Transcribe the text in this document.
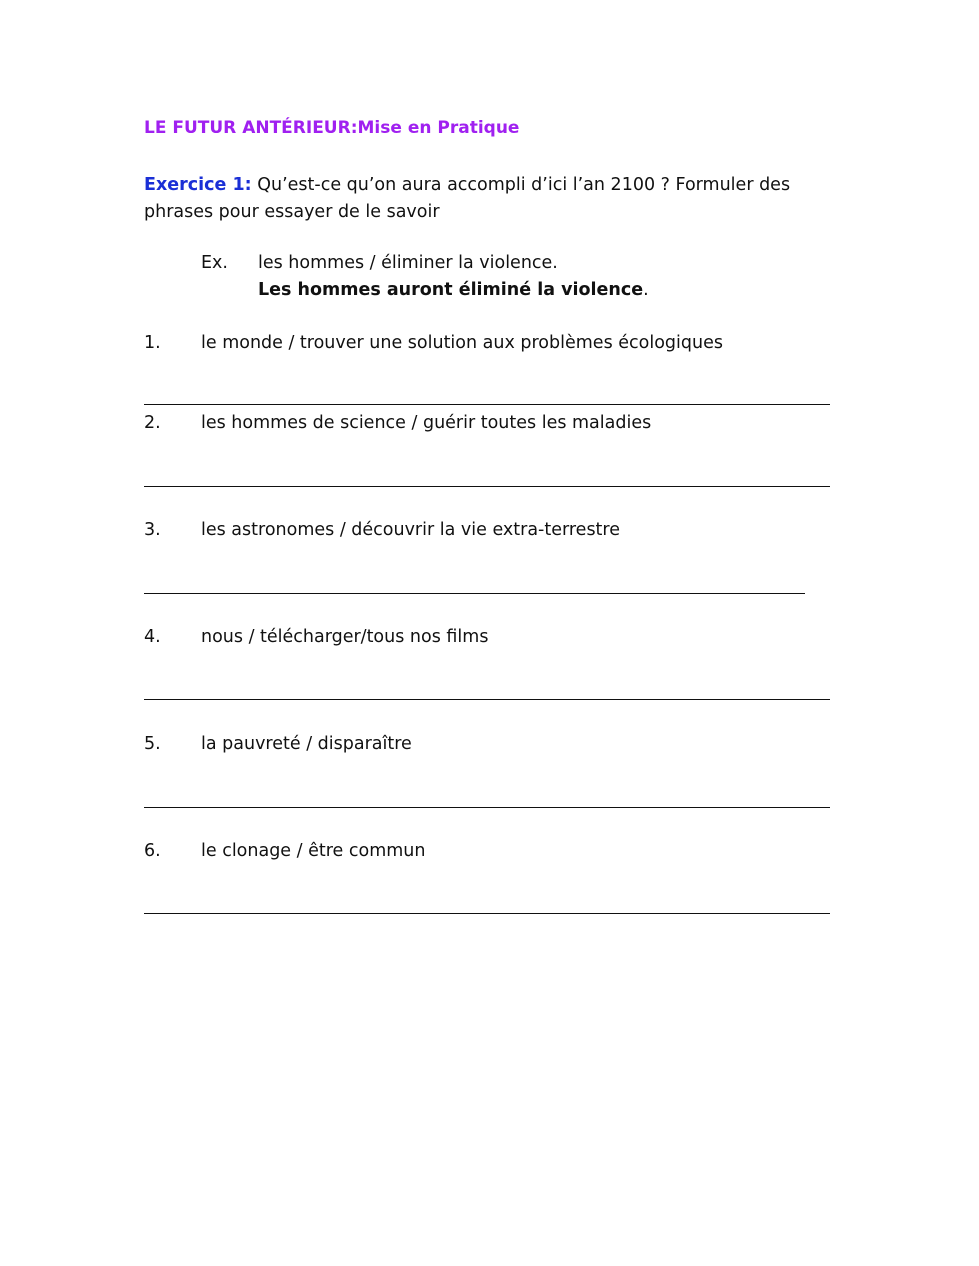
LE FUTUR ANTÉRIEUR:Mise en Pratique
Exercice 1: Qu’est-ce qu’on aura accompli d’ici l’an 2100 ? Formuler des phrases pour essayer de le savoir
Ex. les hommes / éliminer la violence.
Les hommes auront éliminé la violence.
1. le monde / trouver une solution aux problèmes écologiques
2. les hommes de science / guérir toutes les maladies
3. les astronomes / découvrir la vie extra-terrestre
4. nous / télécharger/tous nos films
5. la pauvreté / disparaître
6. le clonage / être commun
